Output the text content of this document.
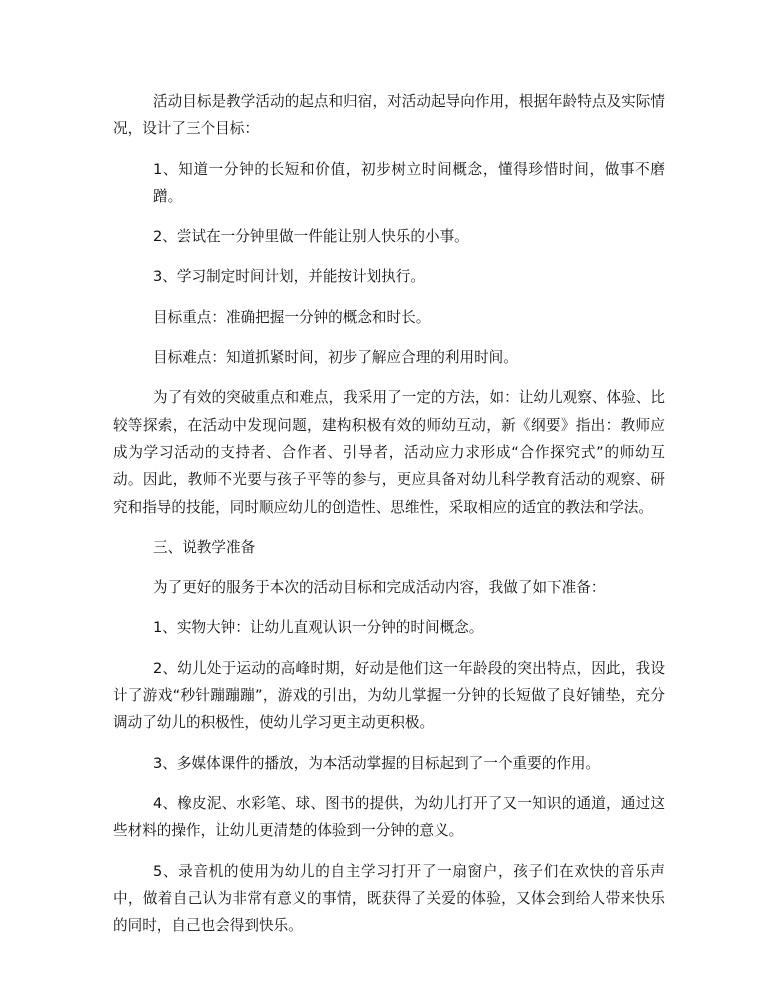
活动目标是教学活动的起点和归宿，对活动起导向作用，根据年龄特点及实际情况，设计了三个目标：

1、知道一分钟的长短和价值，初步树立时间概念，懂得珍惜时间，做事不磨蹭。

2、尝试在一分钟里做一件能让别人快乐的小事。

3、学习制定时间计划，并能按计划执行。

目标重点：准确把握一分钟的概念和时长。

目标难点：知道抓紧时间，初步了解应合理的利用时间。

为了有效的突破重点和难点，我采用了一定的方法，如：让幼儿观察、体验、比较等探索，在活动中发现问题，建构积极有效的师幼互动，新《纲要》指出：教师应成为学习活动的支持者、合作者、引导者，活动应力求形成“合作探究式”的师幼互动。因此，教师不光要与孩子平等的参与，更应具备对幼儿科学教育活动的观察、研究和指导的技能，同时顺应幼儿的创造性、思维性，采取相应的适宜的教法和学法。

三、说教学准备

为了更好的服务于本次的活动目标和完成活动内容，我做了如下准备：

1、实物大钟：让幼儿直观认识一分钟的时间概念。

2、幼儿处于运动的高峰时期，好动是他们这一年龄段的突出特点，因此，我设计了游戏“秒针蹦蹦蹦”，游戏的引出，为幼儿掌握一分钟的长短做了良好铺垫，充分调动了幼儿的积极性，使幼儿学习更主动更积极。

3、多媒体课件的播放，为本活动掌握的目标起到了一个重要的作用。

4、橡皮泥、水彩笔、球、图书的提供，为幼儿打开了又一知识的通道，通过这些材料的操作，让幼儿更清楚的体验到一分钟的意义。

5、录音机的使用为幼儿的自主学习打开了一扇窗户，孩子们在欢快的音乐声中，做着自己认为非常有意义的事情，既获得了关爱的体验，又体会到给人带来快乐的同时，自己也会得到快乐。
